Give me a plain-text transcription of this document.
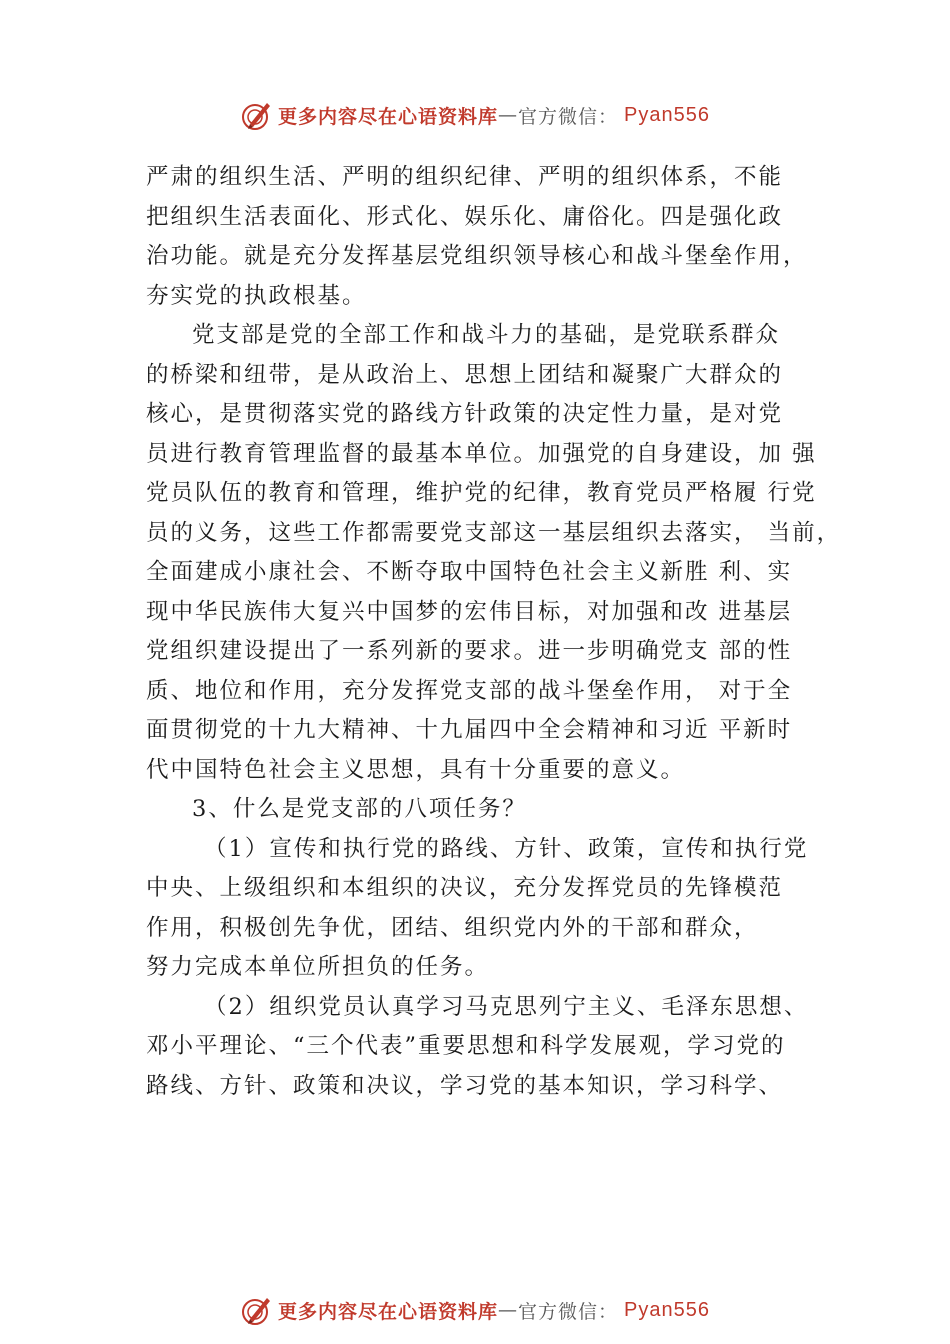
更多内容尽在心语资料库 — 官方微信： Pyan556
严肃的组织生活、严明的组织纪律、严明的组织体系，不能
把组织生活表面化、形式化、娱乐化、庸俗化。四是强化政
治功能。就是充分发挥基层党组织领导核心和战斗堡垒作用，
夯实党的执政根基。
党支部是党的全部工作和战斗力的基础，是党联系群众
的桥梁和纽带，是从政治上、思想上团结和凝聚广大群众的
核心，是贯彻落实党的路线方针政策的决定性力量，是对党
员进行教育管理监督的最基本单位。加强党的自身建设，加 强
党员队伍的教育和管理，维护党的纪律，教育党员严格履 行党
员的义务，这些工作都需要党支部这一基层组织去落实， 当前，
全面建成小康社会、不断夺取中国特色社会主义新胜 利、实
现中华民族伟大复兴中国梦的宏伟目标，对加强和改 进基层
党组织建设提出了一系列新的要求。进一步明确党支 部的性
质、地位和作用，充分发挥党支部的战斗堡垒作用， 对于全
面贯彻党的十九大精神、十九届四中全会精神和习近 平新时
代中国特色社会主义思想，具有十分重要的意义。
3、什么是党支部的八项任务？
（1）宣传和执行党的路线、方针、政策，宣传和执行党
中央、上级组织和本组织的决议，充分发挥党员的先锋模范
作用，积极创先争优，团结、组织党内外的干部和群众，
努力完成本单位所担负的任务。
（2）组织党员认真学习马克思列宁主义、毛泽东思想、
邓小平理论、“三个代表”重要思想和科学发展观，学习党的
路线、方针、政策和决议，学习党的基本知识，学习科学、
更多内容尽在心语资料库 — 官方微信： Pyan556
